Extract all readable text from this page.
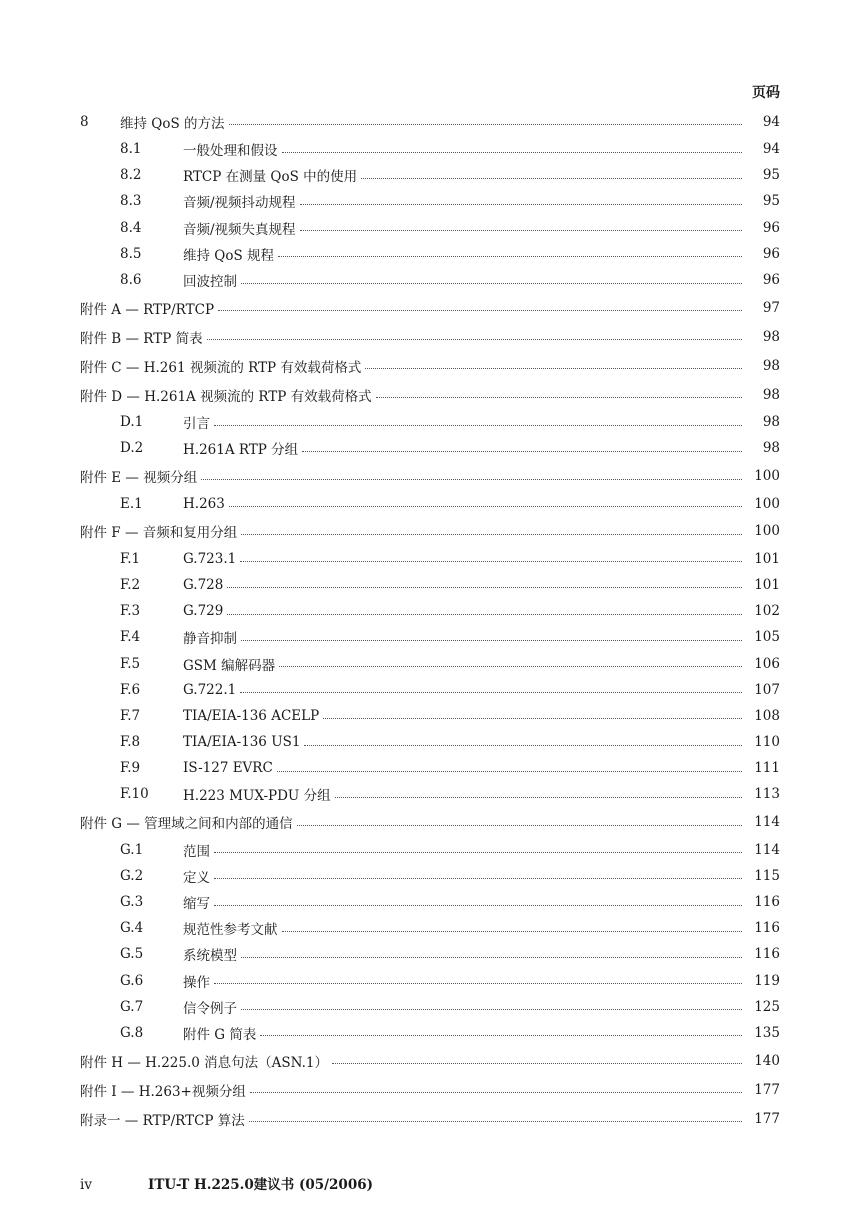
页码
8	维持 QoS 的方法	94
8.1	一般处理和假设	94
8.2	RTCP 在测量 QoS 中的使用	95
8.3	音频/视频抖动规程	95
8.4	音频/视频失真规程	96
8.5	维持 QoS 规程	96
8.6	回波控制	96
附件 A — RTP/RTCP	97
附件 B — RTP 简表	98
附件 C — H.261 视频流的 RTP 有效载荷格式	98
附件 D — H.261A 视频流的 RTP 有效载荷格式	98
D.1	引言	98
D.2	H.261A RTP 分组	98
附件 E — 视频分组	100
E.1	H.263	100
附件 F — 音频和复用分组	100
F.1	G.723.1	101
F.2	G.728	101
F.3	G.729	102
F.4	静音抑制	105
F.5	GSM 编解码器	106
F.6	G.722.1	107
F.7	TIA/EIA-136 ACELP	108
F.8	TIA/EIA-136 US1	110
F.9	IS-127 EVRC	111
F.10	H.223 MUX-PDU 分组	113
附件 G — 管理域之间和内部的通信	114
G.1	范围	114
G.2	定义	115
G.3	缩写	116
G.4	规范性参考文献	116
G.5	系统模型	116
G.6	操作	119
G.7	信令例子	125
G.8	附件 G 简表	135
附件 H — H.225.0 消息句法（ASN.1）	140
附件 I — H.263+视频分组	177
附录一 — RTP/RTCP 算法	177
iv	ITU-T H.225.0建议书 (05/2006)
